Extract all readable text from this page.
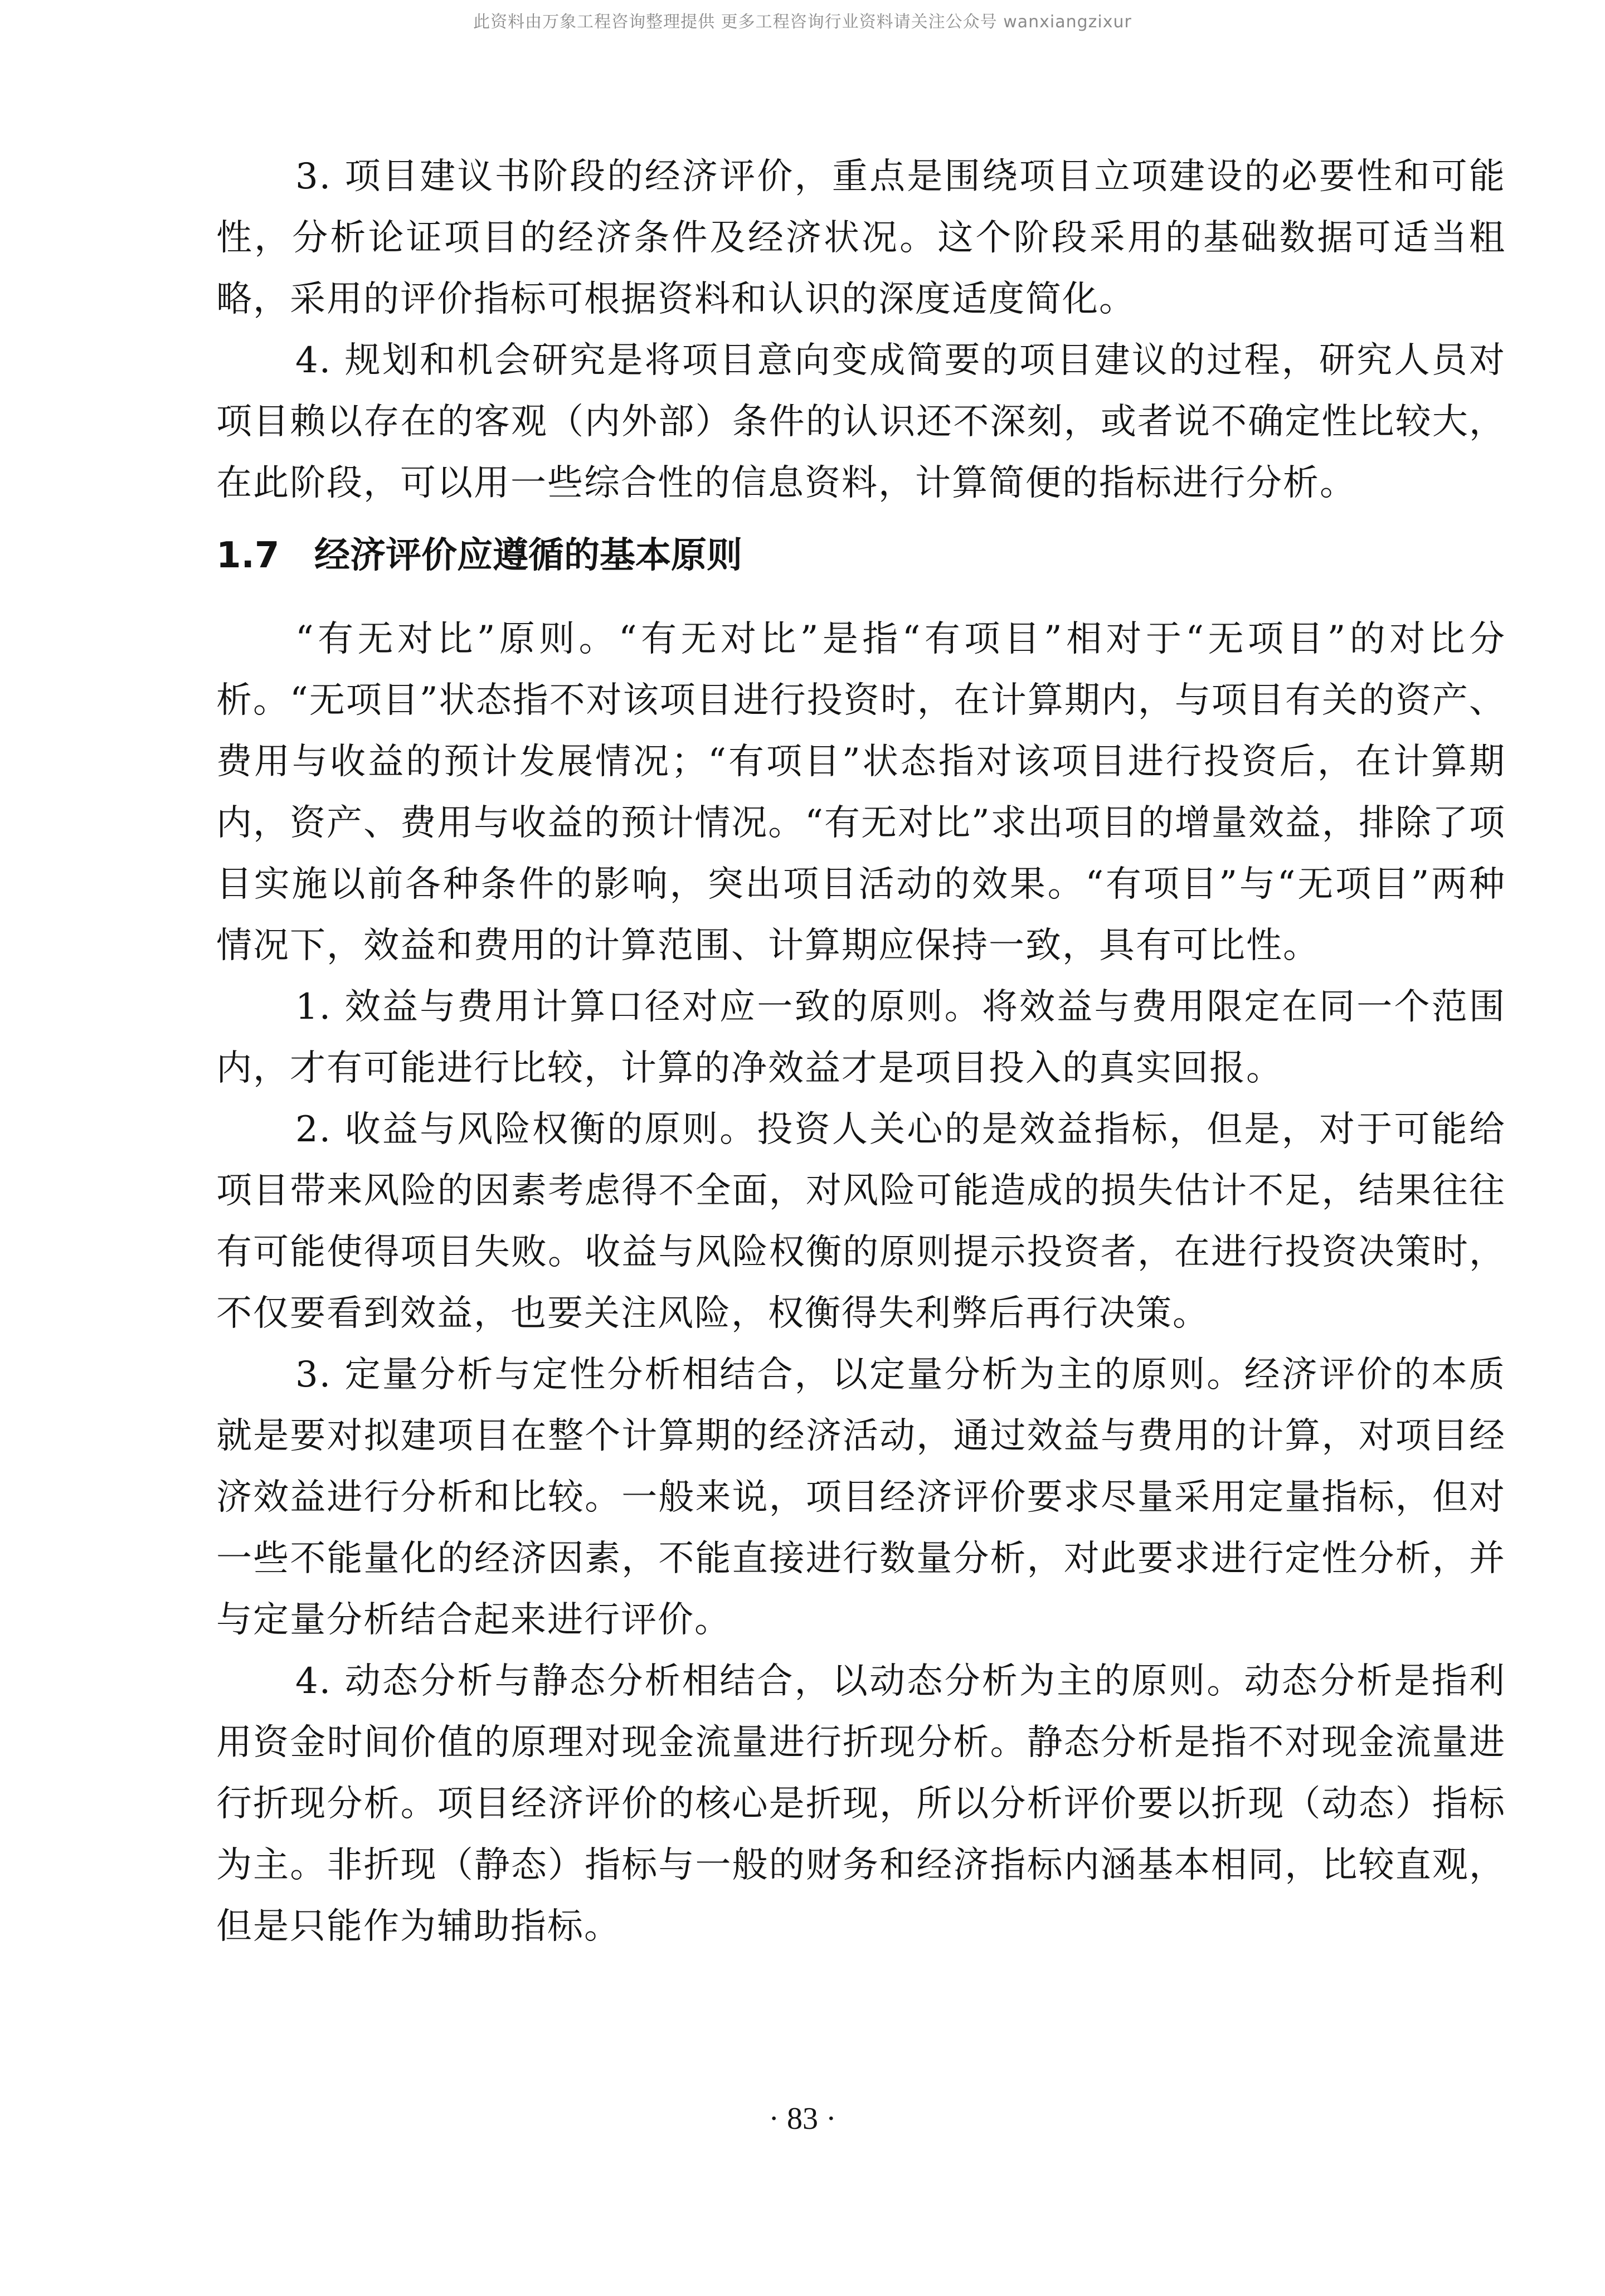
此资料由万象工程咨询整理提供 更多工程咨询行业资料请关注公众号 wanxiangzixur

3. 项目建议书阶段的经济评价，重点是围绕项目立项建设的必要性和可能性，分析论证项目的经济条件及经济状况。这个阶段采用的基础数据可适当粗略，采用的评价指标可根据资料和认识的深度适度简化。

4. 规划和机会研究是将项目意向变成简要的项目建议的过程，研究人员对项目赖以存在的客观（内外部）条件的认识还不深刻，或者说不确定性比较大，在此阶段，可以用一些综合性的信息资料，计算简便的指标进行分析。

1.7 经济评价应遵循的基本原则

“有无对比”原则。“有无对比”是指“有项目”相对于“无项目”的对比分析。“无项目”状态指不对该项目进行投资时，在计算期内，与项目有关的资产、费用与收益的预计发展情况；“有项目”状态指对该项目进行投资后，在计算期内，资产、费用与收益的预计情况。“有无对比”求出项目的增量效益，排除了项目实施以前各种条件的影响，突出项目活动的效果。“有项目”与“无项目”两种情况下，效益和费用的计算范围、计算期应保持一致，具有可比性。

1. 效益与费用计算口径对应一致的原则。将效益与费用限定在同一个范围内，才有可能进行比较，计算的净效益才是项目投入的真实回报。

2. 收益与风险权衡的原则。投资人关心的是效益指标，但是，对于可能给项目带来风险的因素考虑得不全面，对风险可能造成的损失估计不足，结果往往有可能使得项目失败。收益与风险权衡的原则提示投资者，在进行投资决策时，不仅要看到效益，也要关注风险，权衡得失利弊后再行决策。

3. 定量分析与定性分析相结合，以定量分析为主的原则。经济评价的本质就是要对拟建项目在整个计算期的经济活动，通过效益与费用的计算，对项目经济效益进行分析和比较。一般来说，项目经济评价要求尽量采用定量指标，但对一些不能量化的经济因素，不能直接进行数量分析，对此要求进行定性分析，并与定量分析结合起来进行评价。

4. 动态分析与静态分析相结合，以动态分析为主的原则。动态分析是指利用资金时间价值的原理对现金流量进行折现分析。静态分析是指不对现金流量进行折现分析。项目经济评价的核心是折现，所以分析评价要以折现（动态）指标为主。非折现（静态）指标与一般的财务和经济指标内涵基本相同，比较直观，但是只能作为辅助指标。

· 83 ·
